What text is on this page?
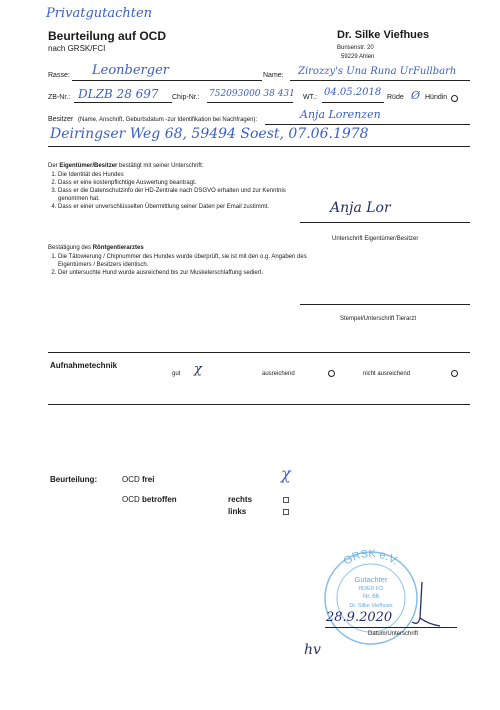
Privatgutachten
Beurteilung auf OCD
nach GRSK/FCI
Dr. Silke Viefhues
Bunsenstr. 20
59229 Ahlen
Rasse: Leonberger	Name: Zirozzy's Una Runa UrFullbarh
ZB-Nr.: DLZB 28 697 Chip-Nr.: 752093000 38 431 WT.: 04.05.2018 Rüde Ø Hündin
Besitzer (Name, Anschrift, Geburtsdatum -zur Identifikation bei Nachfragen):	Anja Lorenzen
Deiringser Weg 68, 59494 Soest, 07.06.1978
Der Eigentümer/Besitzer bestätigt mit seiner Unterschrift:
1. Die Identität des Hundes
2. Dass er eine kostenpflichtige Auswertung beantragt.
3. Dass er die Datenschutzinfo der HD-Zentrale nach DSGVO erhalten und zur Kenntnis genommen hat.
4. Dass er einer unverschlüsselten Übermittlung seiner Daten per Email zustimmt.	Anja Lor
Unterschrift Eigentümer/Besitzer
Bestätigung des Röntgentierarztes
1. Die Tätowierung / Chipnummer des Hundes wurde überprüft, sie ist mit den o.g. Angaben des Eigentümers / Besitzers identisch.
2. Der untersuchte Hund wurde ausreichend bis zur Muskelerschlaffung sediert.
Stempel/Unterschrift Tierarzt
Aufnahmetechnik
gut χ	ausreichend	nicht ausreichend
Beurteilung:	OCD frei	χ
OCD betroffen	rechts
links
GRSK e.V.
Gutachter
HD/ED FCI
Nr. 66
Dr. Silke Viefhues
28.9.2020
Datum/Unterschrift
hv
